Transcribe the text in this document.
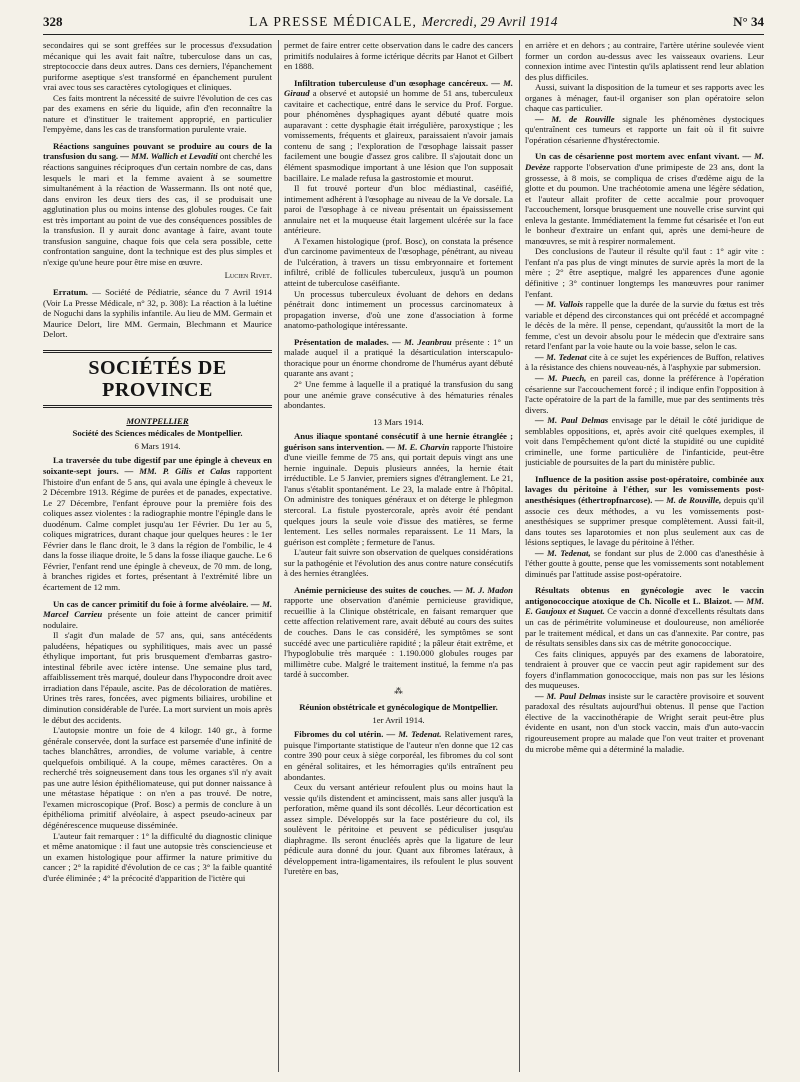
328	LA PRESSE MÉDICALE, Mercredi, 29 Avril 1914	N° 34

secondaires qui se sont greffées sur le processus d'exsudation mécanique qui les avait fait naître, tuberculose dans un cas, streptococcie dans deux autres. Dans ces derniers, l'épanchement puriforme aseptique s'est transformé en épanchement purulent vrai avec tous ses caractères cytologiques et cliniques.

Ces faits montrent la nécessité de suivre l'évolution de ces cas par des examens en série du liquide, afin d'en reconnaître la nature et d'instituer le traitement approprié, en particulier l'empyème, dans les cas de transformation purulente vraie.

Réactions sanguines pouvant se produire au cours de la transfusion du sang. — MM. Wallich et Levaditi ont cherché les réactions sanguines réciproques d'un certain nombre de cas, dans lesquels le mari et la femme avaient à se soumettre simultanément à la réaction de Wassermann. Ils ont noté que, dans environ les deux tiers des cas, il se produisait une agglutination plus ou moins intense des globules rouges. Ce fait est très important au point de vue des conséquences possibles de la transfusion. Il y aurait donc avantage à faire, avant toute transfusion sanguine, chaque fois que cela sera possible, cette confrontation sanguine, dont la technique est des plus simples et n'exige qu'une heure pour être mise en œuvre.

Lucien Rivet.

Erratum. — Société de Pédiatrie, séance du 7 Avril 1914 (Voir La Presse Médicale, n° 32, p. 308): La réaction à la luétine de Noguchi dans la syphilis infantile. Au lieu de MM. Germain et Maurice Delort, lire MM. Germain, Blechmann et Maurice Delort.

SOCIÉTÉS DE PROVINCE
MONTPELLIER
Société des Sciences médicales de Montpellier.
6 Mars 1914.

La traversée du tube digestif par une épingle à cheveux en soixante-sept jours. — MM. P. Gilis et Calas rapportent l'histoire d'un enfant de 5 ans, qui avala une épingle à cheveux le 2 Décembre 1913. Régime de purées et de panades, expectative. Le 27 Décembre, l'enfant éprouve pour la première fois des coliques assez violentes : la radiographie montre l'épingle dans le duodénum. Calme complet jusqu'au 1er Février. Du 1er au 5, coliques migratrices, durant chaque jour quelques heures : le 1er Février dans le flanc droit, le 3 dans la région de l'ombilic, le 4 dans la fosse iliaque droite, le 5 dans la fosse iliaque gauche. Le 6 Février, l'enfant rend une épingle à cheveux, de 70 mm. de long, à branches rigides et fortes, présentant à l'extrémité libre un écartement de 12 mm.

Un cas de cancer primitif du foie à forme alvéolaire. — M. Marcel Carrieu présente un foie atteint de cancer primitif nodulaire.

Il s'agit d'un malade de 57 ans, qui, sans antécédents paludéens, hépatiques ou syphilitiques, mais avec un passé éthylique important, fut pris brusquement d'embarras gastro-intestinal fébrile avec ictère intense. Une semaine plus tard, affaiblissement très marqué, douleur dans l'hypocondre droit avec irradiation dans l'épaule, ascite. Pas de décoloration de matières. Urines très rares, foncées, avec pigments biliaires, urobiline et diminution considérable de l'urée. La mort survient un mois après le début des accidents.

L'autopsie montre un foie de 4 kilogr. 140 gr., à forme générale conservée, dont la surface est parsemée d'une infinité de taches blanchâtres, arrondies, de volume variable, à centre quelquefois ombiliqué. A la coupe, mêmes caractères. On a recherché très soigneusement dans tous les organes s'il n'y avait pas une autre lésion épithéliomateuse, qui put donner naissance à une métastase hépatique : on n'en a pas trouvé. De notre, l'examen microscopique (Prof. Bosc) a permis de conclure à un épithélioma primitif alvéolaire, à aspect pseudo-acineux par dégénérescence muqueuse disséminée.

L'auteur fait remarquer : 1° la difficulté du diagnostic clinique et même anatomique : il faut une autopsie très consciencieuse et un examen histologique pour affirmer la nature primitive du cancer ; 2° la rapidité d'évolution de ce cas ; 3° la faible quantité d'urée éliminée ; 4° la précocité d'apparition de l'ictère qui

permet de faire entrer cette observation dans le cadre des cancers primitifs nodulaires à forme ictérique décrits par Hanot et Gilbert en 1888.

Infiltration tuberculeuse d'un œsophage cancéreux. — M. Giraud a observé et autopsié un homme de 51 ans, tuberculeux cavitaire et cachectique, entré dans le service du Prof. Forgue. pour phénomènes dysphagiques ayant débuté quatre mois auparavant : cette dysphagie était irrégulière, paroxystique ; les vomissements, fréquents et glaireux, paraissaient n'avoir jamais contenu de sang ; l'exploration de l'œsophage laissait passer facilement une bougie d'assez gros calibre. Il s'ajoutait donc un élément spasmodique important à une lésion que l'on supposait bacillaire. Le malade refusa la gastrostomie et mourut.

Il fut trouvé porteur d'un bloc médiastinal, caséifié, intimement adhérent à l'œsophage au niveau de la Ve dorsale. La paroi de l'œsophage à ce niveau présentait un épaississement annulaire net et la muqueuse était largement ulcérée sur la face antérieure.

A l'examen histologique (prof. Bosc), on constata la présence d'un carcinome pavimenteux de l'œsophage, pénétrant, au niveau de l'ulcération, à travers un tissu embryonnaire et fortement infiltré, criblé de follicules tuberculeux, jusqu'à un poumon atteint de tuberculose caséifiante.

Un processus tuberculeux évoluant de dehors en dedans pénétrait donc intimement un processus carcinomateux à propagation inverse, d'où une zone d'association à forme anatomo-pathologique intéressante.

Présentation de malades. — M. Jeanbrau présente : 1° un malade auquel il a pratiqué la désarticulation interscapulo-thoracique pour un énorme chondrome de l'humérus ayant débuté quarante ans avant ;

2° Une femme à laquelle il a pratiqué la transfusion du sang pour une anémie grave consécutive à des hématuries rénales abondantes.

13 Mars 1914.

Anus iliaque spontané consécutif à une hernie étranglée ; guérison sans intervention. — M. E. Charvin rapporte l'histoire d'une vieille femme de 75 ans, qui portait depuis vingt ans une hernie inguinale. Depuis plusieurs années, la hernie était irréductible. Le 5 Janvier, premiers signes d'étranglement. Le 21, l'anus s'établit spontanément. Le 23, la malade entre à l'hôpital. On administre des toniques généraux et on déterge le phlegmon stercoral. La fistule pyostercorale, après avoir été pendant quelques jours la seule voie d'issue des matières, se ferme lentement. Les selles normales reparaissent. Le 11 Mars, la guérison est complète ; fermeture de l'anus.

L'auteur fait suivre son observation de quelques considérations sur la pathogénie et l'évolution des anus contre nature consécutifs à des hernies étranglées.

Anémie pernicieuse des suites de couches. — M. J. Madon rapporte une observation d'anémie pernicieuse gravidique, recueillie à la Clinique obstétricale, en faisant remarquer que cette affection relativement rare, avait débuté au cours des suites de couches. Dans le cas considéré, les symptômes se sont succédé avec une particulière rapidité ; la pâleur était extrême, et l'hypoglobulie très marquée : 1.190.000 globules rouges par millimètre cube. Malgré le traitement institué, la femme n'a pas tardé à succomber.

⁂
Réunion obstétricale et gynécologique de Montpellier.
1er Avril 1914.

Fibromes du col utérin. — M. Tedenat. Relativement rares, puisque l'importante statistique de l'auteur n'en donne que 12 cas contre 390 pour ceux à siège corporéal, les fibromes du col sont en général solitaires, et les hémorragies qu'ils entraînent peu abondantes.

Ceux du versant antérieur refoulent plus ou moins haut la vessie qu'ils distendent et amincissent, mais sans aller jusqu'à la perforation, même quand ils sont décollés. Leur décortication est assez simple. Développés sur la face postérieure du col, ils soulèvent le péritoine et peuvent se pédiculiser jusqu'au diaphragme. Ils seront énucléés après que la ligature de leur pédicule aura donné du jour. Quant aux fibromes latéraux, à développement intra-ligamentaires, ils refoulent le plus souvent l'uretère en bas,

en arrière et en dehors ; au contraire, l'artère utérine soulevée vient former un cordon au-dessus avec les vaisseaux ovariens. Leur connexion intime avec l'intestin qu'ils aplatissent rend leur ablation des plus difficiles.

Aussi, suivant la disposition de la tumeur et ses rapports avec les organes à ménager, faut-il organiser son plan opératoire selon chaque cas particulier.

— M. de Rouville signale les phénomènes dystociques qu'entraînent ces tumeurs et rapporte un fait où il fit suivre l'opération césarienne d'hystérectomie.

Un cas de césarienne post mortem avec enfant vivant. — M. Devèze rapporte l'observation d'une primipeste de 23 ans, dont la grossesse, à 8 mois, se compliqua de crises d'œdème aigu de la glotte et du poumon. Une trachéotomie amena une légère sédation, et l'auteur allait profiter de cette accalmie pour provoquer l'accouchement, lorsque brusquement une nouvelle crise survint qui enleva la gestante. Immédiatement la femme fut césarisée et l'on eut le bonheur d'extraire un enfant qui, après une demi-heure de manœuvres, se mit à respirer normalement.

Des conclusions de l'auteur il résulte qu'il faut : 1° agir vite : l'enfant n'a pas plus de vingt minutes de survie après la mort de la mère ; 2° être aseptique, malgré les apparences d'une agonie définitive ; 3° continuer longtemps les manœuvres pour ranimer l'enfant.

— M. Vallois rappelle que la durée de la survie du fœtus est très variable et dépend des circonstances qui ont précédé et accompagné le décès de la mère. Il pense, cependant, qu'aussitôt la mort de la femme, c'est un devoir absolu pour le médecin que d'extraire sans retard l'enfant par la voie haute ou la voie basse, selon le cas.

— M. Tedenat cite à ce sujet les expériences de Buffon, relatives à la résistance des chiens nouveau-nés, à l'asphyxie par submersion.

— M. Puech, en pareil cas, donne la préférence à l'opération césarienne sur l'accouchement forcé ; il indique enfin l'opposition à l'acte opératoire de la part de la famille, mue par des sentiments très divers.

— M. Paul Delmas envisage par le détail le côté juridique de semblables oppositions, et, après avoir cité quelques exemples, il voit dans l'empêchement qu'ont dicté la stupidité ou une cupidité criminelle, une forme particulière de l'infanticide, peut-être justiciable de poursuites de la part du ministère public.

Influence de la position assise post-opératoire, combinée aux lavages du péritoine à l'éther, sur les vomissements post-anesthésiques (éthertropfnarcose). — M. de Rouville, depuis qu'il associe ces deux méthodes, a vu les vomissements post-anesthésiques se supprimer presque complètement. Aussi fait-il, dans toutes ses laparotomies et non plus seulement aux cas de lésions septiques, le lavage du péritoine à l'éther.

— M. Tedenat, se fondant sur plus de 2.000 cas d'anesthésie à l'éther goutte à goutte, pense que les vomissements sont notablement diminués par l'attitude assise post-opératoire.

Résultats obtenus en gynécologie avec le vaccin antigonococcique atoxique de Ch. Nicolle et L. Blaizot. — MM. E. Gaujoux et Suquet. Ce vaccin a donné d'excellents résultats dans un cas de périmétrite volumineuse et douloureuse, non améliorée par le traitement médical, et dans un cas d'annexite. Par contre, pas de résultats sensibles dans six cas de métrite gonococcique.

Ces faits cliniques, appuyés par des examens de laboratoire, tendraient à prouver que ce vaccin peut agir rapidement sur des foyers d'inflammation gonococcique, mais non pas sur les lésions des muqueuses.

— M. Paul Delmas insiste sur le caractère provisoire et souvent paradoxal des résultats aujourd'hui obtenus. Il pense que l'action élective de la vaccinothérapie de Wright serait peut-être plus évidente en usant, non d'un stock vaccin, mais d'un auto-vaccin rigoureusement propre au malade que l'on veut traiter et provenant du microbe même qui a déterminé la maladie.
